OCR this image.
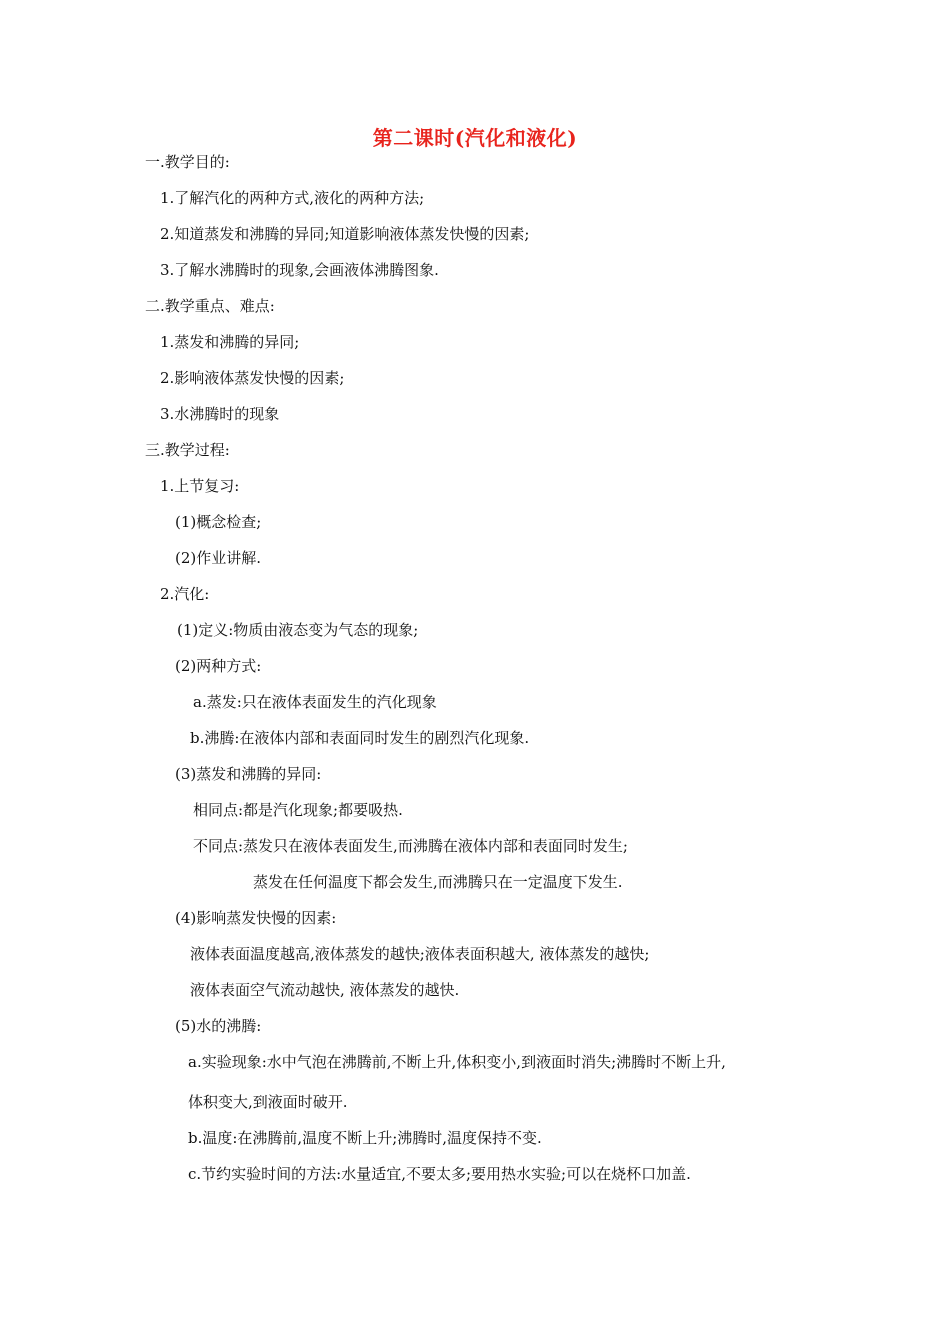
第二课时(汽化和液化)
一.教学目的:
1.了解汽化的两种方式,液化的两种方法;
2.知道蒸发和沸腾的异同;知道影响液体蒸发快慢的因素;
3.了解水沸腾时的现象,会画液体沸腾图象.
二.教学重点、难点:
1.蒸发和沸腾的异同;
2.影响液体蒸发快慢的因素;
3.水沸腾时的现象
三.教学过程:
1.上节复习:
(1)概念检查;
(2)作业讲解.
2.汽化:
(1)定义:物质由液态变为气态的现象;
(2)两种方式:
a.蒸发:只在液体表面发生的汽化现象
b.沸腾:在液体内部和表面同时发生的剧烈汽化现象.
(3)蒸发和沸腾的异同:
相同点:都是汽化现象;都要吸热.
不同点:蒸发只在液体表面发生,而沸腾在液体内部和表面同时发生;
蒸发在任何温度下都会发生,而沸腾只在一定温度下发生.
(4)影响蒸发快慢的因素:
液体表面温度越高,液体蒸发的越快;液体表面积越大, 液体蒸发的越快;
液体表面空气流动越快, 液体蒸发的越快.
(5)水的沸腾:
a.实验现象:水中气泡在沸腾前,不断上升,体积变小,到液面时消失;沸腾时不断上升,
体积变大,到液面时破开.
b.温度:在沸腾前,温度不断上升;沸腾时,温度保持不变.
c.节约实验时间的方法:水量适宜,不要太多;要用热水实验;可以在烧杯口加盖.
